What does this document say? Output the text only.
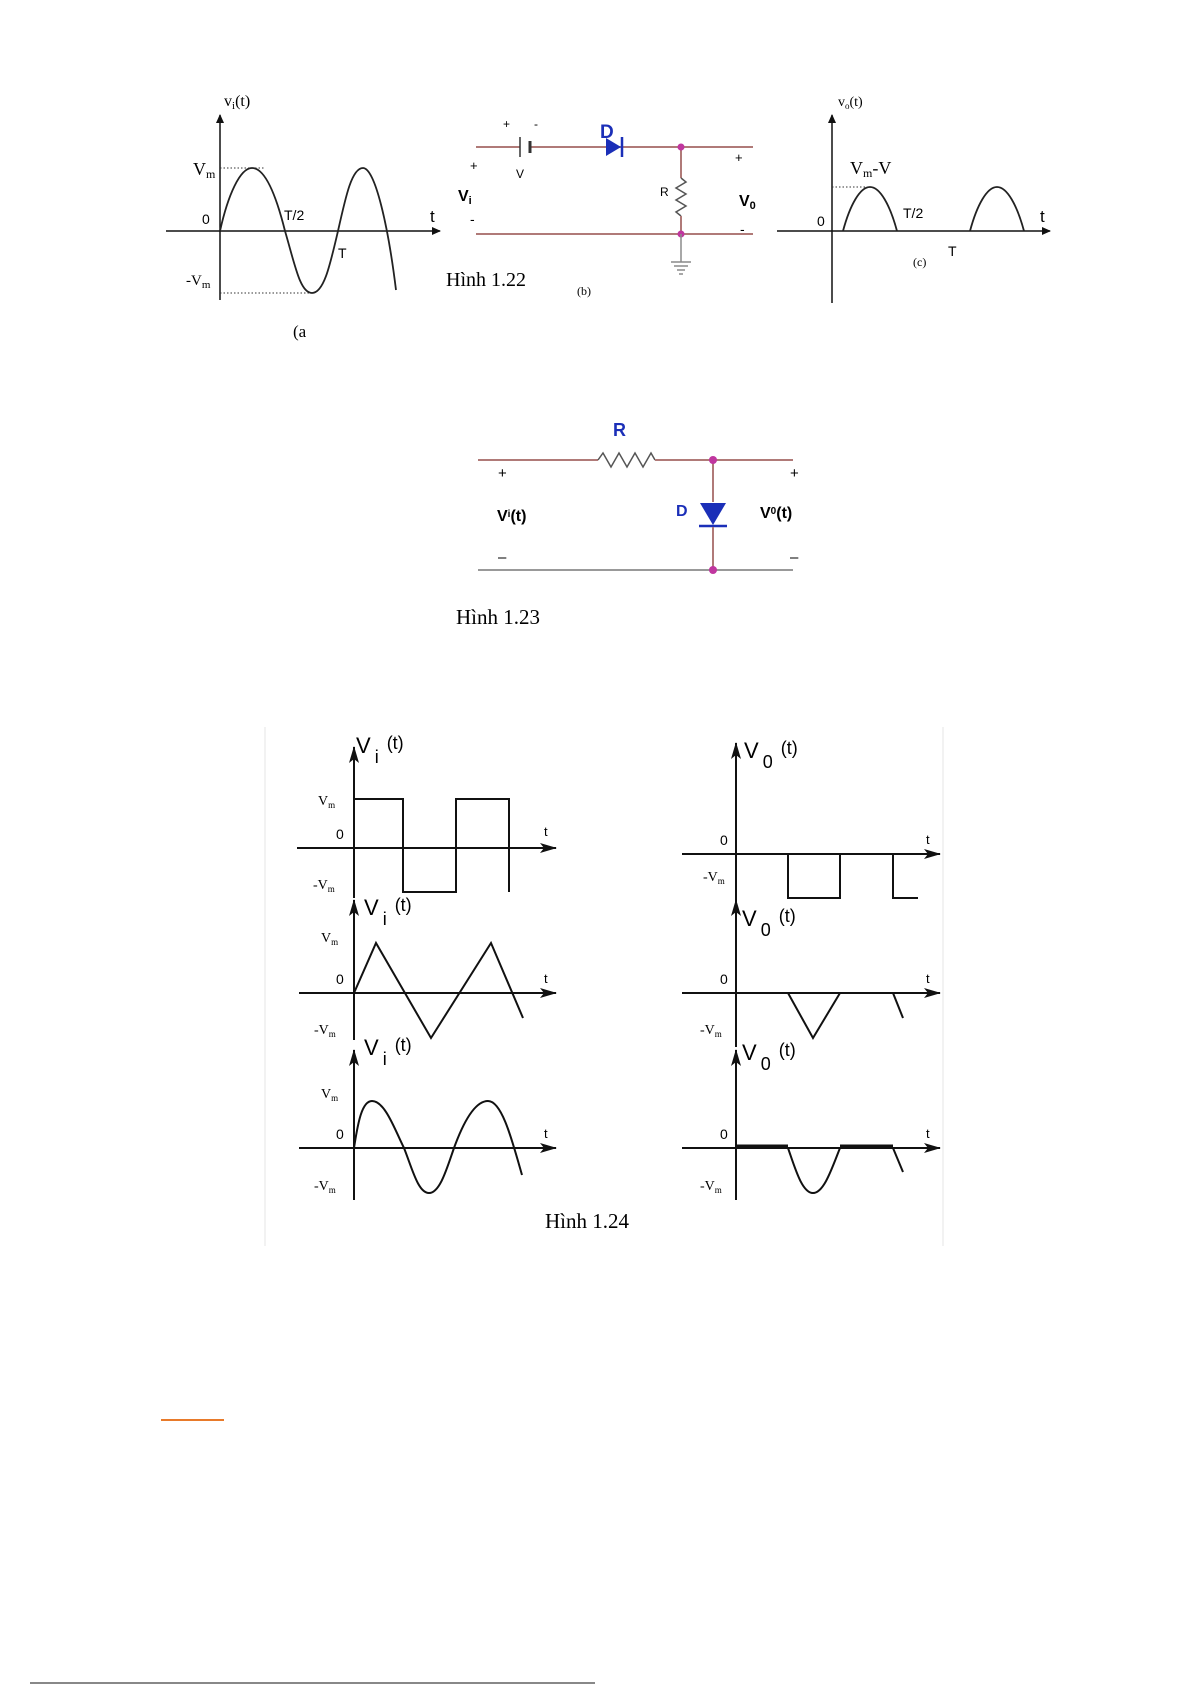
vi(t)
Vm
0	T/2
T
t
$-V_m$
(a
+ -
V
D
R
+
-
Vi
+
-
V0
Hình 1.22	(b)
$v_o(t)$
Vm-V
0	T/2
T
t
(c)
R
D
+
–
+
–
$V^i(t)$	$V^0(t)$
Hình 1.23
V $_i^{(t)}$
$V_m$
0	t
$-V_m$
V $_0^{(t)}$
0	t
$-V_m$
V $_i^{(t)}$
$V_m$
0	t
$-V_m$
V $_0^{(t)}$
0	t
$-V_m$
V $_i^{(t)}$
$V_m$
0	t
$-V_m$
V $_0^{(t)}$
0	t
$-V_m$
Hình 1.24
